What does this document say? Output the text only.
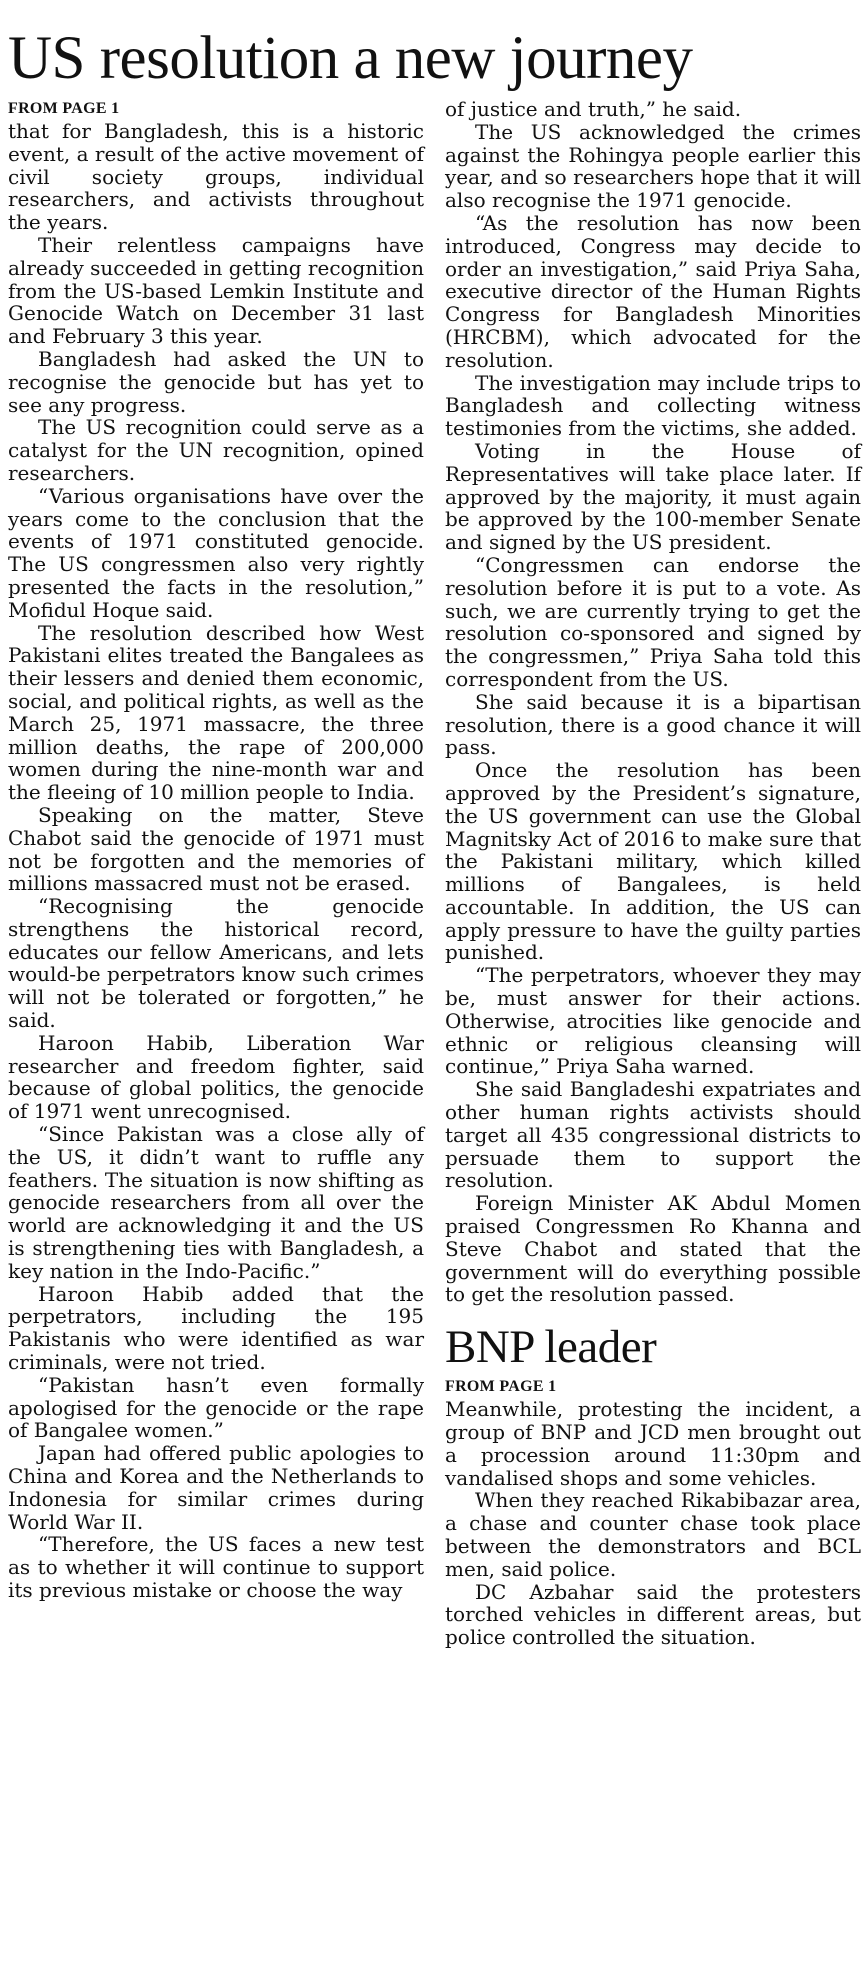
US resolution a new journey
FROM PAGE 1

that for Bangladesh, this is a historic event, a result of the active movement of civil society groups, individual researchers, and activists throughout the years.

Their relentless campaigns have already succeeded in getting recognition from the US-based Lemkin Institute and Genocide Watch on December 31 last and February 3 this year.

Bangladesh had asked the UN to recognise the genocide but has yet to see any progress.

The US recognition could serve as a catalyst for the UN recognition, opined researchers.

“Various organisations have over the years come to the conclusion that the events of 1971 constituted genocide. The US congressmen also very rightly presented the facts in the resolution,” Mofidul Hoque said.

The resolution described how West Pakistani elites treated the Bangalees as their lessers and denied them economic, social, and political rights, as well as the March 25, 1971 massacre, the three million deaths, the rape of 200,000 women during the nine-month war and the fleeing of 10 million people to India.

Speaking on the matter, Steve Chabot said the genocide of 1971 must not be forgotten and the memories of millions massacred must not be erased.

“Recognising the genocide strengthens the historical record, educates our fellow Americans, and lets would-be perpetrators know such crimes will not be tolerated or forgotten,” he said.

Haroon Habib, Liberation War researcher and freedom fighter, said because of global politics, the genocide of 1971 went unrecognised.

“Since Pakistan was a close ally of the US, it didn’t want to ruffle any feathers. The situation is now shifting as genocide researchers from all over the world are acknowledging it and the US is strengthening ties with Bangladesh, a key nation in the Indo-Pacific.”

Haroon Habib added that the perpetrators, including the 195 Pakistanis who were identified as war criminals, were not tried.

“Pakistan hasn’t even formally apologised for the genocide or the rape of Bangalee women.”

Japan had offered public apologies to China and Korea and the Netherlands to Indonesia for similar crimes during World War II.

“Therefore, the US faces a new test as to whether it will continue to support its previous mistake or choose the way

of justice and truth,” he said.

The US acknowledged the crimes against the Rohingya people earlier this year, and so researchers hope that it will also recognise the 1971 genocide.

“As the resolution has now been introduced, Congress may decide to order an investigation,” said Priya Saha, executive director of the Human Rights Congress for Bangladesh Minorities (HRCBM), which advocated for the resolution.

The investigation may include trips to Bangladesh and collecting witness testimonies from the victims, she added.

Voting in the House of Representatives will take place later. If approved by the majority, it must again be approved by the 100-member Senate and signed by the US president.

“Congressmen can endorse the resolution before it is put to a vote. As such, we are currently trying to get the resolution co-sponsored and signed by the congressmen,” Priya Saha told this correspondent from the US.

She said because it is a bipartisan resolution, there is a good chance it will pass.

Once the resolution has been approved by the President’s signature, the US government can use the Global Magnitsky Act of 2016 to make sure that the Pakistani military, which killed millions of Bangalees, is held accountable. In addition, the US can apply pressure to have the guilty parties punished.

“The perpetrators, whoever they may be, must answer for their actions. Otherwise, atrocities like genocide and ethnic or religious cleansing will continue,” Priya Saha warned.

She said Bangladeshi expatriates and other human rights activists should target all 435 congressional districts to persuade them to support the resolution.

Foreign Minister AK Abdul Momen praised Congressmen Ro Khanna and Steve Chabot and stated that the government will do everything possible to get the resolution passed.

BNP leader
FROM PAGE 1

Meanwhile, protesting the incident, a group of BNP and JCD men brought out a procession around 11:30pm and vandalised shops and some vehicles.

When they reached Rikabibazar area, a chase and counter chase took place between the demonstrators and BCL men, said police.

DC Azbahar said the protesters torched vehicles in different areas, but police controlled the situation.
